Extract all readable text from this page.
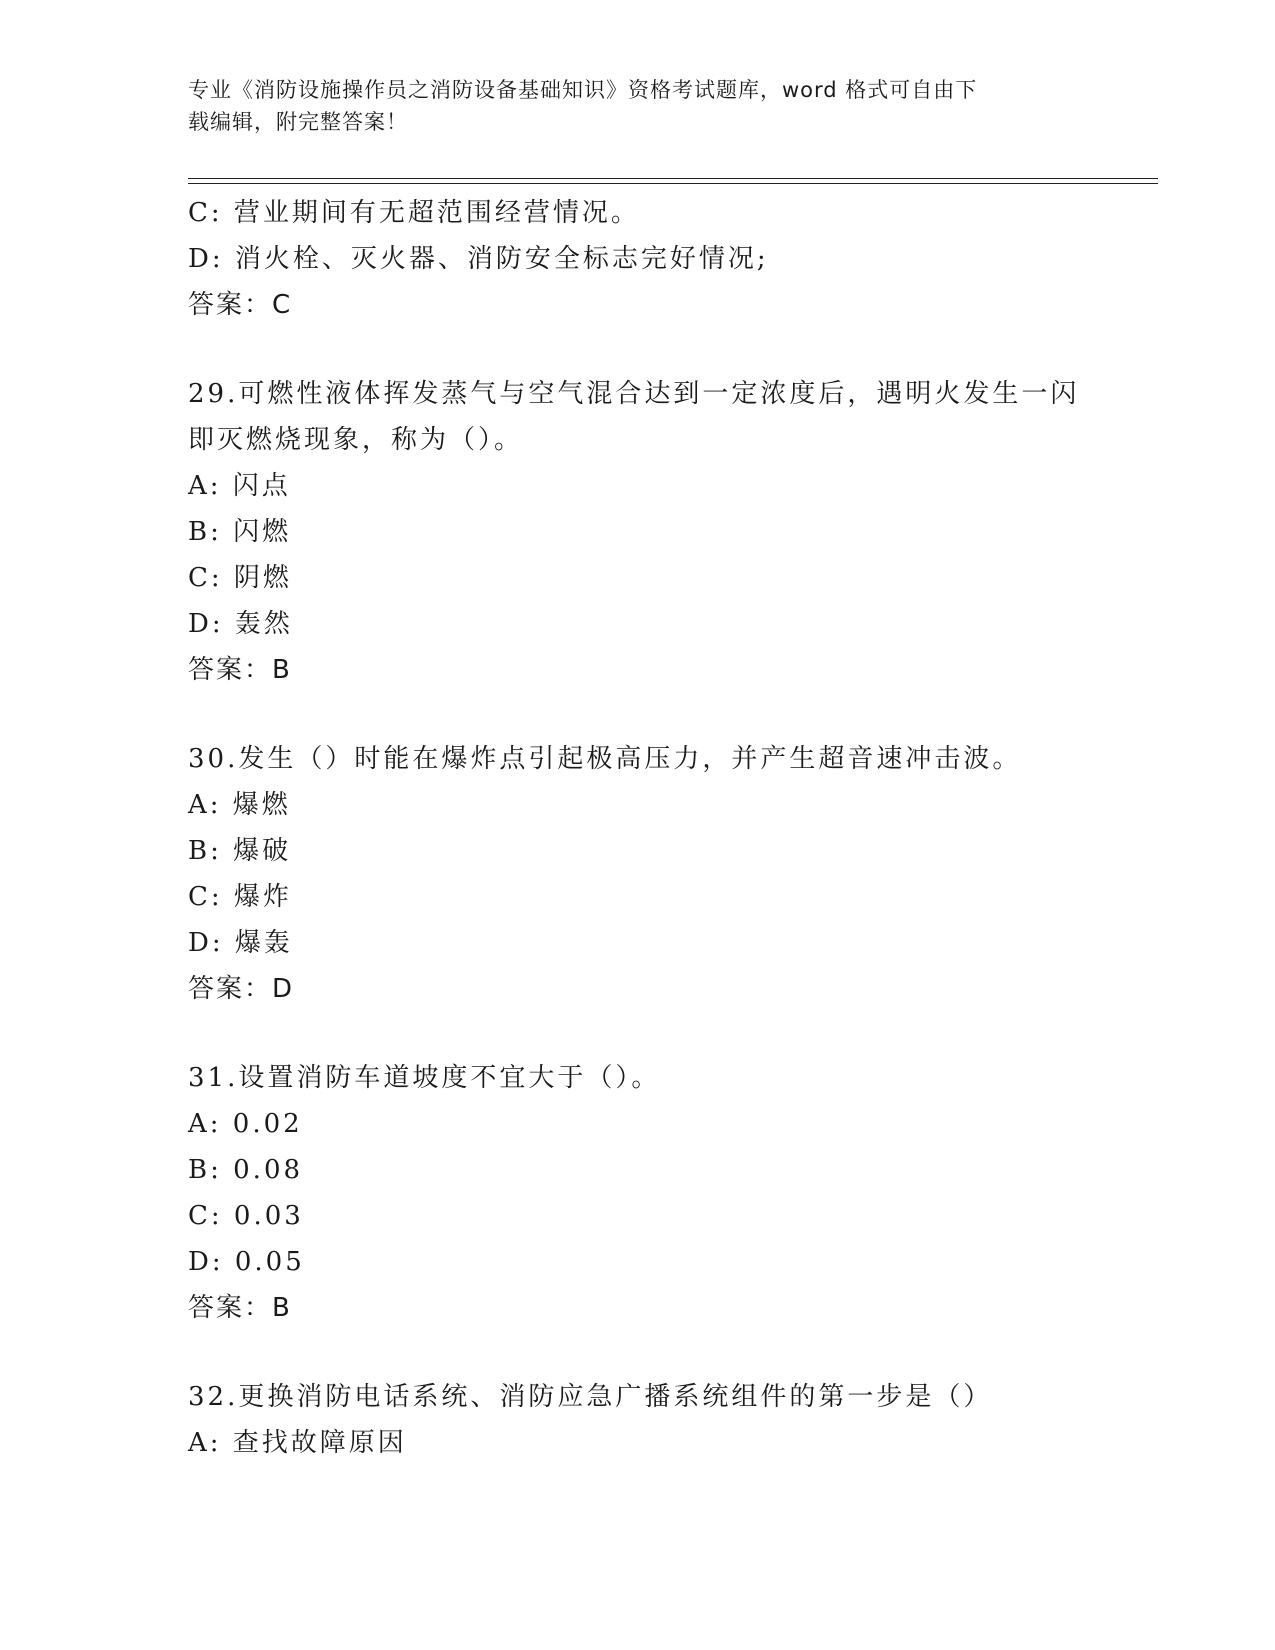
专业《消防设施操作员之消防设备基础知识》资格考试题库，word 格式可自由下
载编辑，附完整答案！
C: 营业期间有无超范围经营情况。
D: 消火栓、灭火器、消防安全标志完好情况;
答案：C
29.可燃性液体挥发蒸气与空气混合达到一定浓度后，遇明火发生一闪即灭燃烧现象，称为（）。
A: 闪点
B: 闪燃
C: 阴燃
D: 轰然
答案：B
30.发生（）时能在爆炸点引起极高压力，并产生超音速冲击波。
A: 爆燃
B: 爆破
C: 爆炸
D: 爆轰
答案：D
31.设置消防车道坡度不宜大于（）。
A: 0.02
B: 0.08
C: 0.03
D: 0.05
答案：B
32.更换消防电话系统、消防应急广播系统组件的第一步是（）
A: 查找故障原因
